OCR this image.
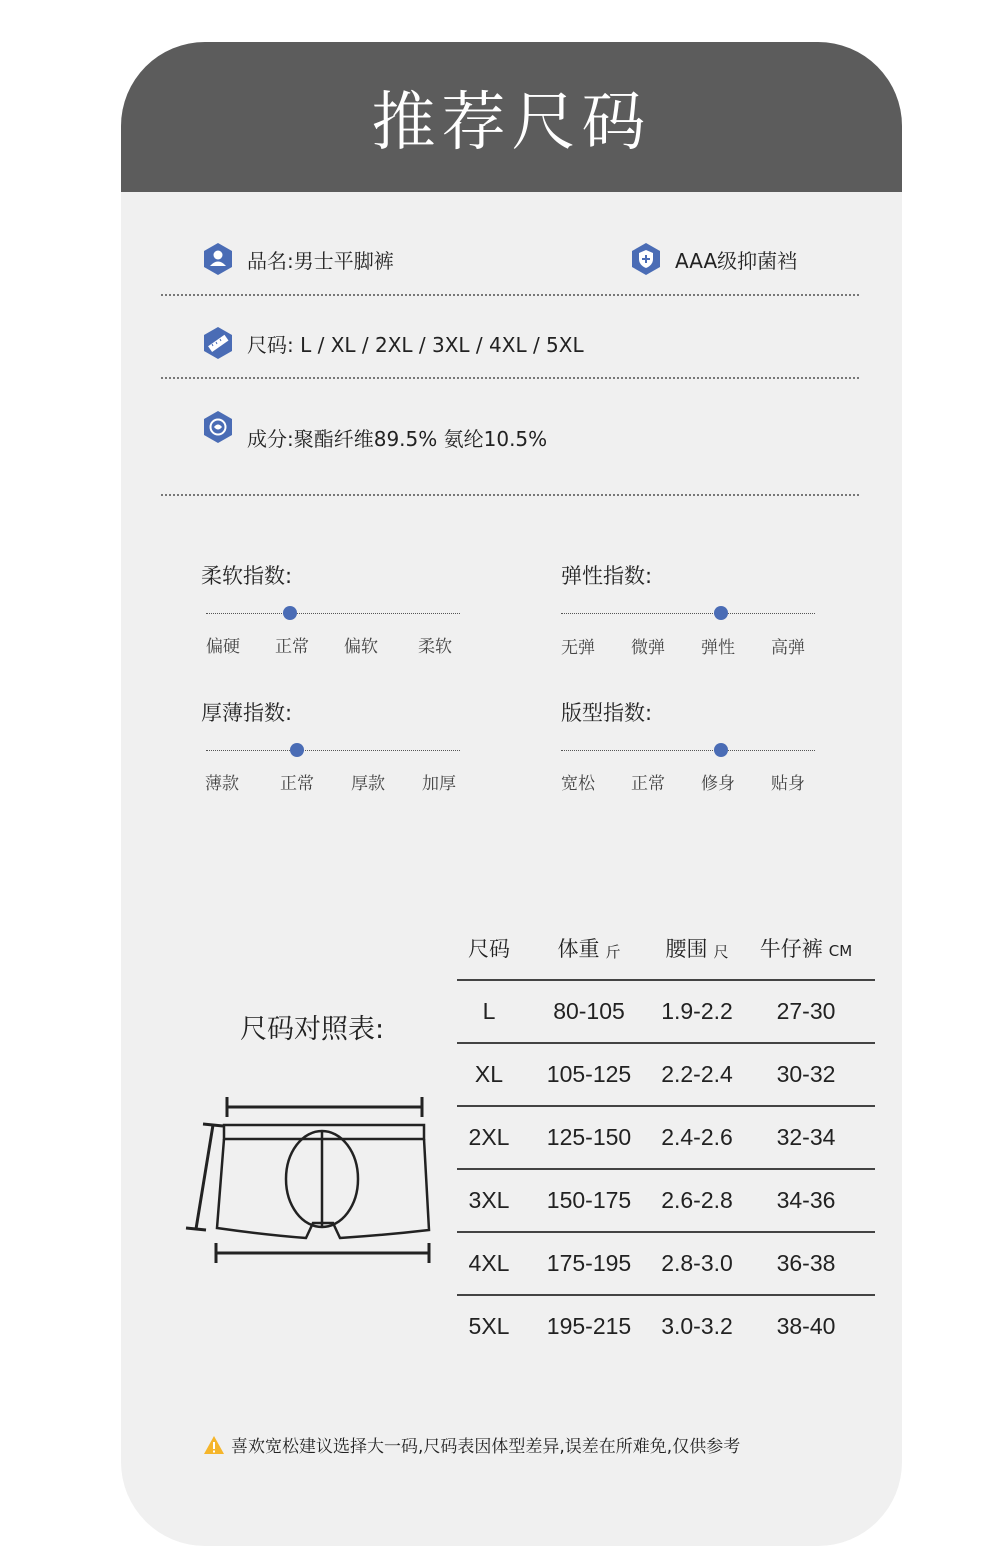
推荐尺码
品名:男士平脚裤	AAA级抑菌裆
尺码: L / XL / 2XL / 3XL / 4XL / 5XL
成分:聚酯纤维89.5% 氨纶10.5%
柔软指数:
偏硬 正常 偏软 柔软
弹性指数:
无弹 微弹 弹性 高弹
厚薄指数:
薄款 正常 厚款 加厚
版型指数:
宽松 正常 修身 贴身
尺码对照表:
尺码 体重 斤 腰围 尺 牛仔裤 CM
L	80-105	1.9-2.2	27-30
XL	105-125	2.2-2.4	30-32
2XL	125-150	2.4-2.6	32-34
3XL	150-175	2.6-2.8	34-36
4XL	175-195	2.8-3.0	36-38
5XL	195-215	3.0-3.2	38-40
喜欢宽松建议选择大一码,尺码表因体型差异,误差在所难免,仅供参考
